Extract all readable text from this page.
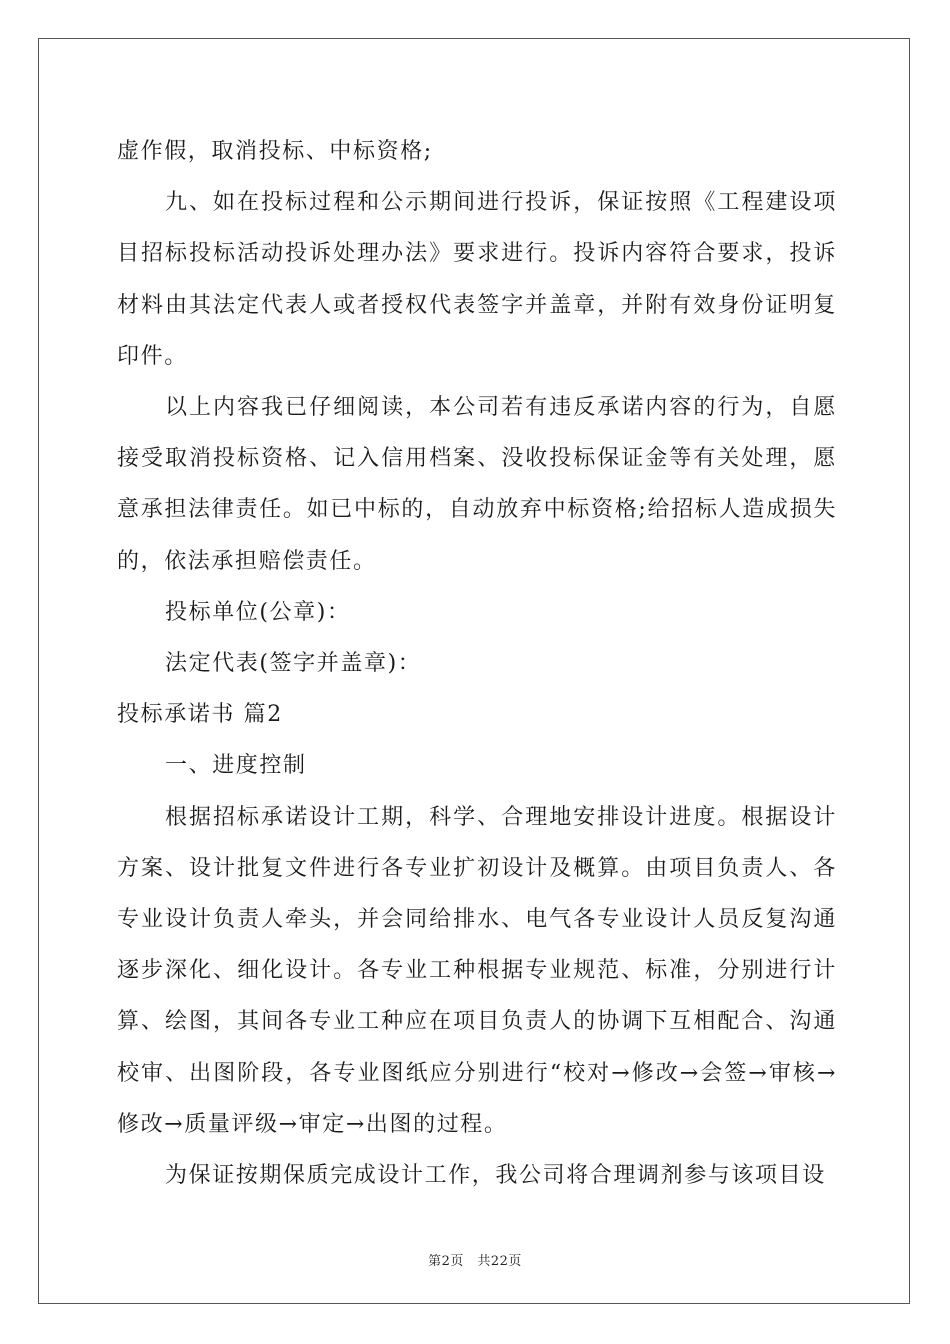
虚作假，取消投标、中标资格;

九、如在投标过程和公示期间进行投诉，保证按照《工程建设项目招标投标活动投诉处理办法》要求进行。投诉内容符合要求，投诉材料由其法定代表人或者授权代表签字并盖章，并附有效身份证明复印件。

以上内容我已仔细阅读，本公司若有违反承诺内容的行为，自愿接受取消投标资格、记入信用档案、没收投标保证金等有关处理，愿意承担法律责任。如已中标的，自动放弃中标资格;给招标人造成损失的，依法承担赔偿责任。

投标单位(公章)：

法定代表(签字并盖章)：

投标承诺书 篇2

一、进度控制

根据招标承诺设计工期，科学、合理地安排设计进度。根据设计方案、设计批复文件进行各专业扩初设计及概算。由项目负责人、各专业设计负责人牵头，并会同给排水、电气各专业设计人员反复沟通逐步深化、细化设计。各专业工种根据专业规范、标准，分别进行计算、绘图，其间各专业工种应在项目负责人的协调下互相配合、沟通校审、出图阶段，各专业图纸应分别进行“校对→修改→会签→审核→修改→质量评级→审定→出图的过程。

为保证按期保质完成设计工作，我公司将合理调剂参与该项目设

第2页　共22页
